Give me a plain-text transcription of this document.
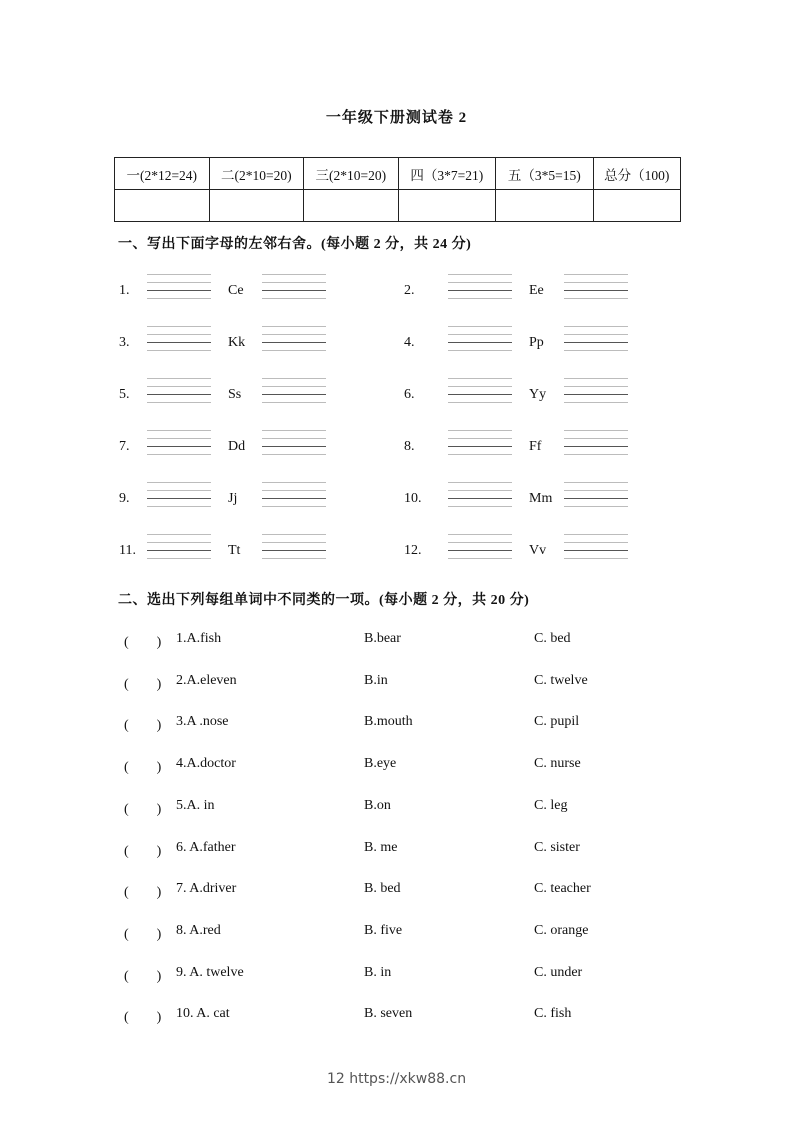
一年级下册测试卷 2
一(2*12=24)	二(2*10=20)	三(2*10=20)	四（3*7=21)	五（3*5=15)	总分（100)

一、写出下面字母的左邻右舍。(每小题 2 分，共 24 分)
1.	Ce	2.	Ee
3.	Kk	4.	Pp
5.	Ss	6.	Yy
7.	Dd	8.	Ff
9.	Jj	10.	Mm
11.	Tt	12.	Vv
二、选出下列每组单词中不同类的一项。(每小题 2 分，共 20 分)
(　　) 1.A.fish	B.bear	C. bed
(　　) 2.A.eleven	B.in	C. twelve
(　　) 3.A .nose	B.mouth	C. pupil
(　　) 4.A.doctor	B.eye	C. nurse
(　　) 5.A. in	B.on	C. leg
(　　) 6. A.father	B. me	C. sister
(　　) 7. A.driver	B. bed	C. teacher
(　　) 8. A.red	B. five	C. orange
(　　) 9. A. twelve	B. in	C. under
(　　) 10. A. cat	B. seven	C. fish
12 https://xkw88.cn
